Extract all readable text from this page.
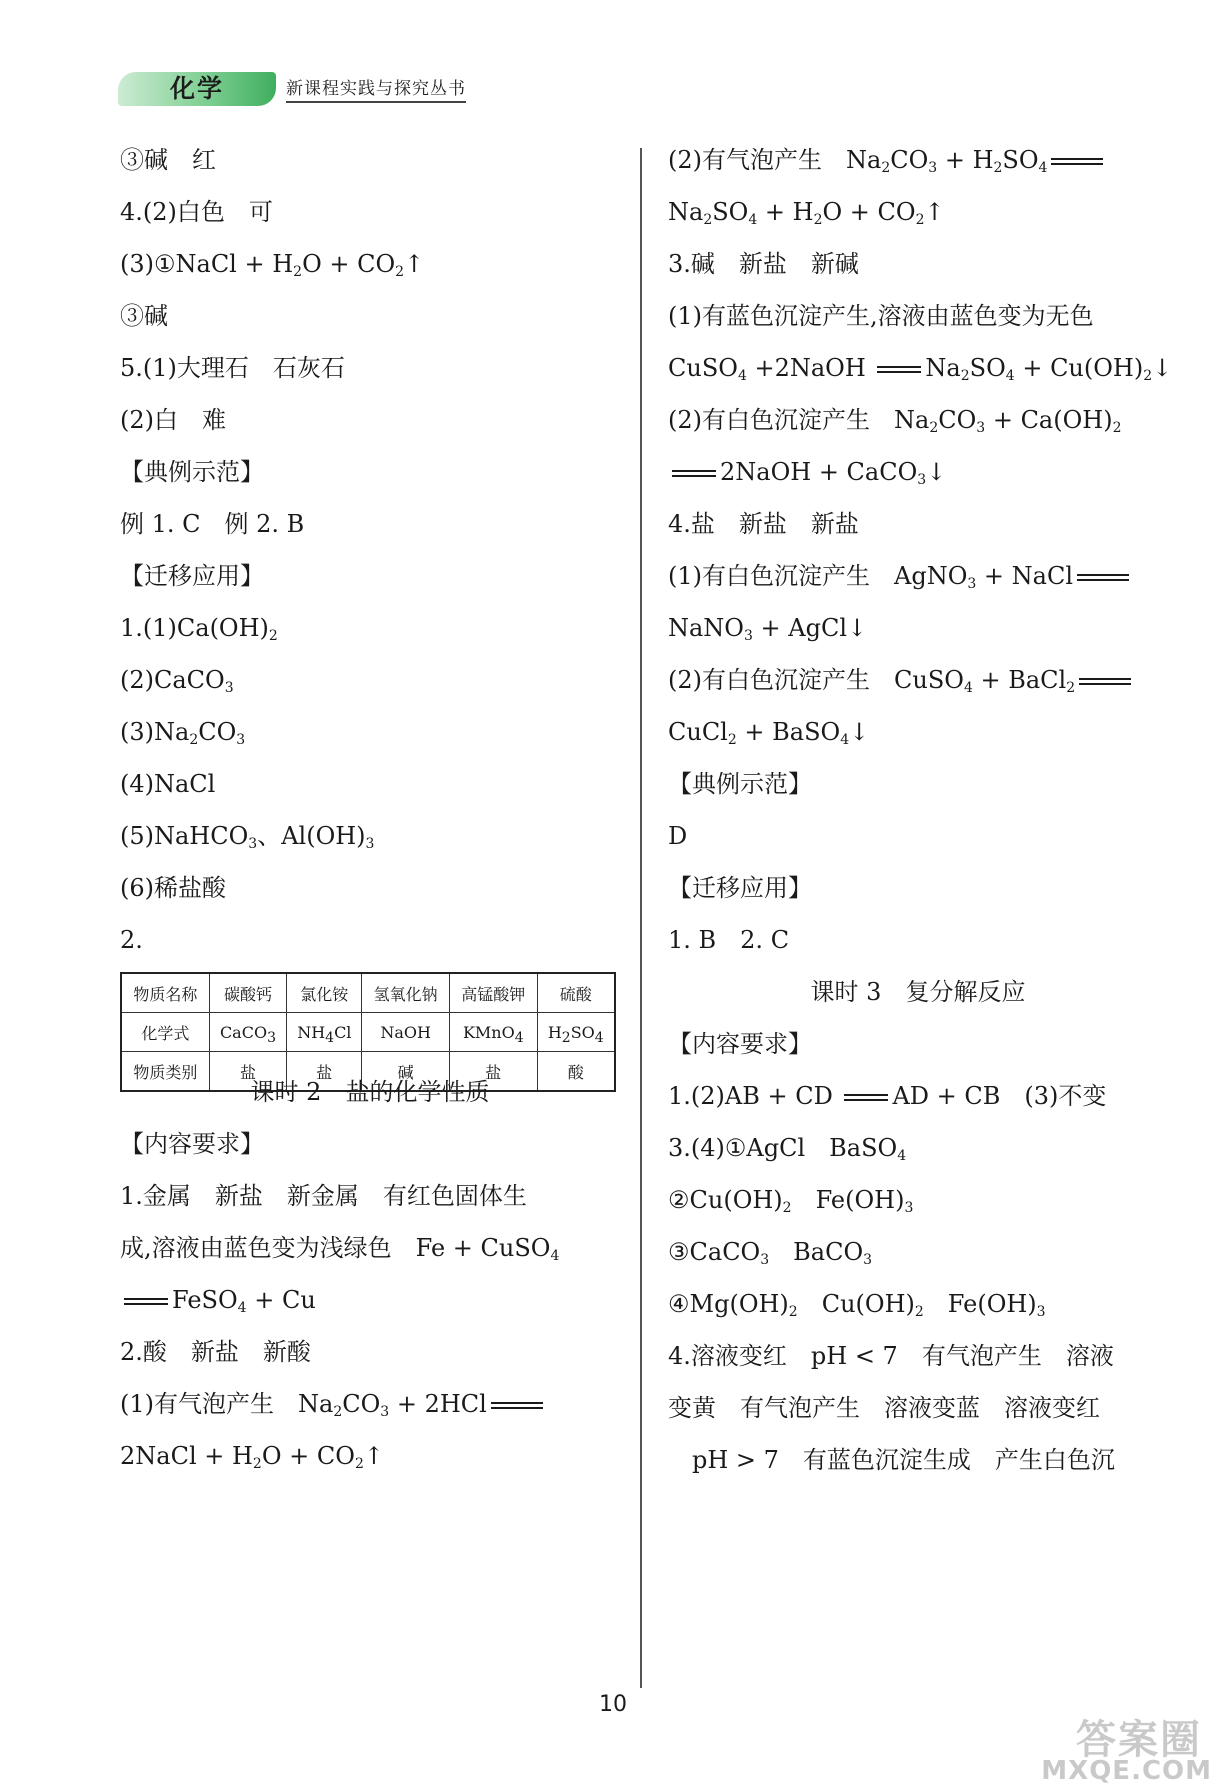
化学	新课程实践与探究丛书
③碱　红
4.(2)白色　可
(3)①NaCl + $H_2O$ + $CO_2↑$
③碱
5.(1)大理石　石灰石
(2)白　难
【典例示范】
例 1. C　例 2. B
【迁移应用】
$1.(1)Ca(OH)_2$
(2)CaCO$_3$
$(3)Na_2CO_3$
(4)NaCl
(5)NaHCO$_3$、$Al(OH)_3$
(6)稀盐酸
2.
物质名称	碳酸钙	氯化铵	氢氧化钠	高锰酸钾	硫酸
化学式	CaCO$_3$	$NH_4Cl$	NaOH	KMnO$_4$	$H_2SO_4$
物质类别	盐	盐	碱	盐	酸
课时 2　盐的化学性质
【内容要求】
1.金属　新盐　新金属　有红色固体生
成,溶液由蓝色变为浅绿色　Fe + CuSO$_4$
FeSO$_4$ + Cu
2.酸　新盐　新酸
(1)有气泡产生　$Na_2CO_3 + 2HCl$
2NaCl + $H_2O$ + $CO_2↑$
(2)有气泡产生　$Na_2CO_3 + H_2SO_4$
$Na_2SO_4 + H_2O$ + $CO_2↑$
3.碱　新盐　新碱
(1)有蓝色沉淀产生,溶液由蓝色变为无色
CuSO$_4$ +2NaOH $Na_2SO_4$ + $Cu(OH)_2↓$
(2)有白色沉淀产生　$Na_2CO_3 + Ca(OH)_2$
2NaOH + CaCO$_3$↓
4.盐　新盐　新盐
(1)有白色沉淀产生　AgNO$_3$ + NaCl
NaNO$_3$ + AgCl↓
(2)有白色沉淀产生　CuSO$_4$ + BaCl$_2$
CuCl$_2$ + BaSO$_4$↓
【典例示范】
D
【迁移应用】
1. B　2. C
课时 3　复分解反应
【内容要求】
1.(2)AB + CD AD + CB　(3)不变
3.(4)①AgCl　BaSO$_4$
$②Cu(OH)_2$　$Fe(OH)_3$
③CaCO$_3$　BaCO$_3$
$④Mg(OH)_2$　$Cu(OH)_2$　$Fe(OH)_3$
4.溶液变红　pH < 7　有气泡产生　溶液
变黄　有气泡产生　溶液变蓝　溶液变红
　pH > 7　有蓝色沉淀生成　产生白色沉
10
答案圈
MXQE.COM
